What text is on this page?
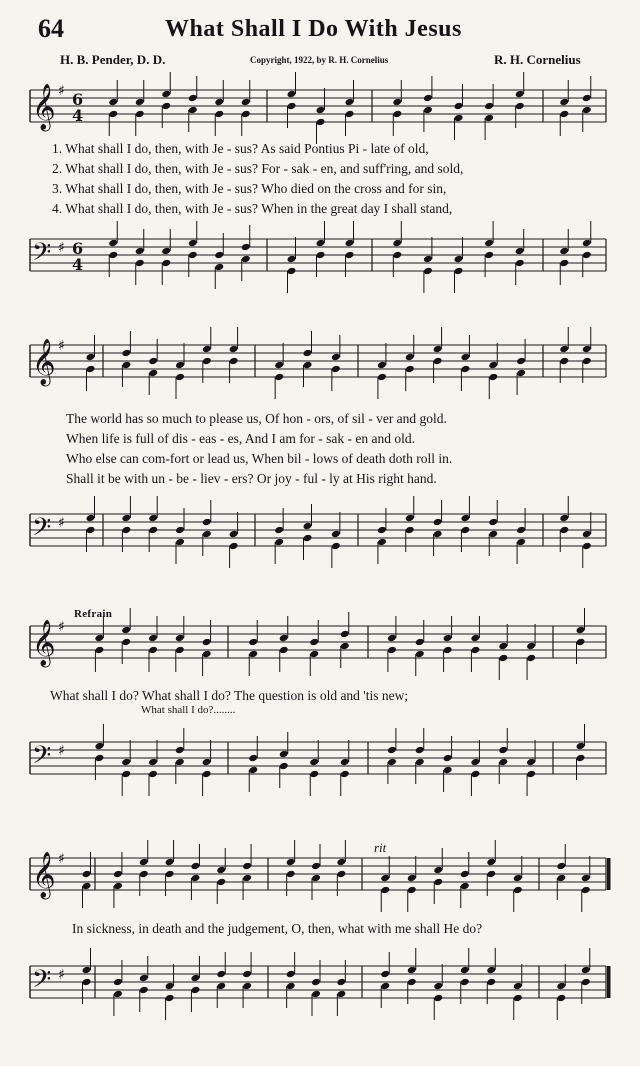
64	What Shall I Do With Jesus
H. B. Pender, D. D.	Copyright, 1922, by R. H. Cornelius	R. H. Cornelius
𝄞 ♯ 6
4
1. What shall I do, then, with Je - sus? As said Pontius Pi - late of old,
2. What shall I do, then, with Je - sus? For - sak - en, and suff'ring, and sold,
3. What shall I do, then, with Je - sus? Who died on the cross and for sin,
4. What shall I do, then, with Je - sus? When in the great day I shall stand,
𝄢 ♯ 6
4
𝄞 ♯
The world has so much to please us, Of hon - ors, of sil - ver and gold.
When life is full of dis - eas - es, And I am for - sak - en and old.
Who else can com-fort or lead us, When bil - lows of death doth roll in.
Shall it be with un - be - liev - ers? Or joy - ful - ly at His right hand.
𝄢 ♯
Refrain
𝄞 ♯
What shall I do? What shall I do? The question is old and 'tis new;
What shall I do?........
𝄢 ♯
rit
𝄞 ♯
In sickness, in death and the judgement, O, then, what with me shall He do?
𝄢 ♯
